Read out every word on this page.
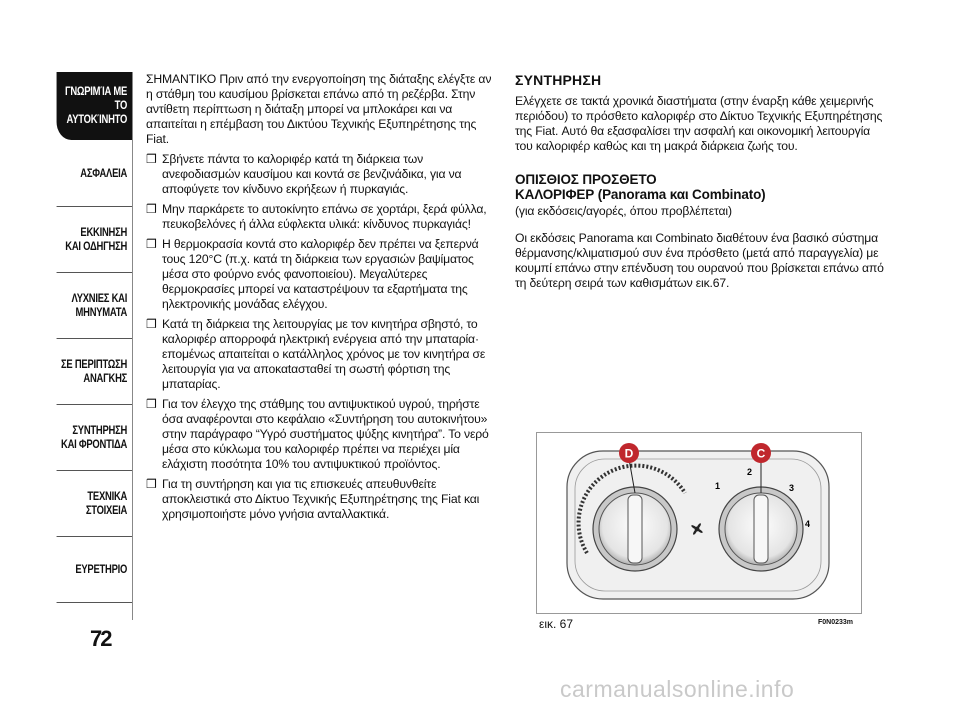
ΓΝΩΡΙΜΊΑ ΜΕ
ΤΟ ΑΥΤΟΚΊΝΗΤΟ
ΑΣΦΑΛΕΙΑ
ΕΚΚΙΝΗΣΗ
ΚΑΙ ΟΔΗΓΗΣΗ
ΛΥΧΝΙΕΣ ΚΑΙ
ΜΗΝΥΜΑΤΑ
ΣΕ ΠΕΡΙΠΤΩΣΗ
ΑΝΑΓΚΗΣ
ΣΥΝΤΗΡΗΣΗ
ΚΑΙ ΦΡΟΝΤΙΔΑ
ΤΕΧΝΙΚΑ
ΣΤΟΙΧΕΙΑ
ΕΥΡΕΤΗΡΙΟ
72

ΣΗΜΑΝΤΙΚΟ Πριν από την ενεργοποίηση της διάταξης ελέγξτε αν η στάθμη του καυσίμου βρίσκεται επάνω από τη ρεζέρβα. Στην αντίθετη περίπτωση η διάταξη μπορεί να μπλοκάρει και να απαιτείται η επέμβαση του Δικτύου Τεχνικής Εξυπηρέτησης της Fiat.

❒ Σβήνετε πάντα το καλοριφέρ κατά τη διάρκεια των ανεφοδιασμών καυσίμου και κοντά σε βενζινάδικα, για να αποφύγετε τον κίνδυνο εκρήξεων ή πυρκαγιάς.
❒ Μην παρκάρετε το αυτοκίνητο επάνω σε χορτάρι, ξερά φύλλα, πευκοβελόνες ή άλλα εύφλεκτα υλικά: κίνδυνος πυρκαγιάς!
❒ Η θερμοκρασία κοντά στο καλοριφέρ δεν πρέπει να ξεπερνά τους 120°C (π.χ. κατά τη διάρκεια των εργασιών βαψίματος μέσα στο φούρνο ενός φανοποιείου). Μεγαλύτερες θερμοκρασίες μπορεί να καταστρέψουν τα εξαρτήματα της ηλεκτρονικής μονάδας ελέγχου.
❒ Κατά τη διάρκεια της λειτουργίας με τον κινητήρα σβηστό, το καλοριφέρ απορροφά ηλεκτρική ενέργεια από την μπαταρία· επομένως απαιτείται ο κατάλληλος χρόνος με τον κινητήρα σε λειτουργία για να αποκαtασταθεί τη σωστή φόρτιση της μπαταρίας.
❒ Για τον έλεγχο της στάθμης του αντιψυκτικού υγρού, τηρήστε όσα αναφέρονται στο κεφάλαιο «Συντήρηση του αυτοκινήτου» στην παράγραφο “Υγρό συστήματος ψύξης κινητήρα”. Το νερό μέσα στο κύκλωμα του καλοριφέρ πρέπει να περιέχει μία ελάχιστη ποσότητα 10% του αντιψυκτικού προϊόντος.
❒ Για τη συντήρηση και για τις επισκευές απευθυνθείτε αποκλειστικά στο Δίκτυο Τεχνικής Εξυπηρέτησης της Fiat και χρησιμοποιήστε μόνο γνήσια ανταλλακτικά.
ΣΥΝΤΗΡΗΣΗ

Ελέγχετε σε τακτά χρονικά διαστήματα (στην έναρξη κάθε χειμερινής περιόδου) το πρόσθετο καλοριφέρ στο Δίκτυο Τεχνικής Εξυπηρέτησης της Fiat. Αυτό θα εξασφαλίσει την ασφαλή και οικονομική λειτουργία του καλοριφέρ καθώς και τη μακρά διάρκεια ζωής του.

ΟΠΙΣΘΙΟΣ ΠΡΟΣΘΕΤΟ
ΚΑΛΟΡΙΦΕΡ (Panorama και Combinato)

(για εκδόσεις/αγορές, όπου προβλέπεται)

Οι εκδόσεις Panorama και Combinato διαθέτουν ένα βασικό σύστημα θέρμανσης/κλιματισμού συν ένα πρόσθετο (μετά από παραγγελία) με κουμπί επάνω στην επένδυση του ουρανού που βρίσκεται επάνω από τη δεύτερη σειρά των καθισμάτων εικ.67.

1
2
3
4
D	C
εικ. 67	F0N0233m
carmanualsonline.info
